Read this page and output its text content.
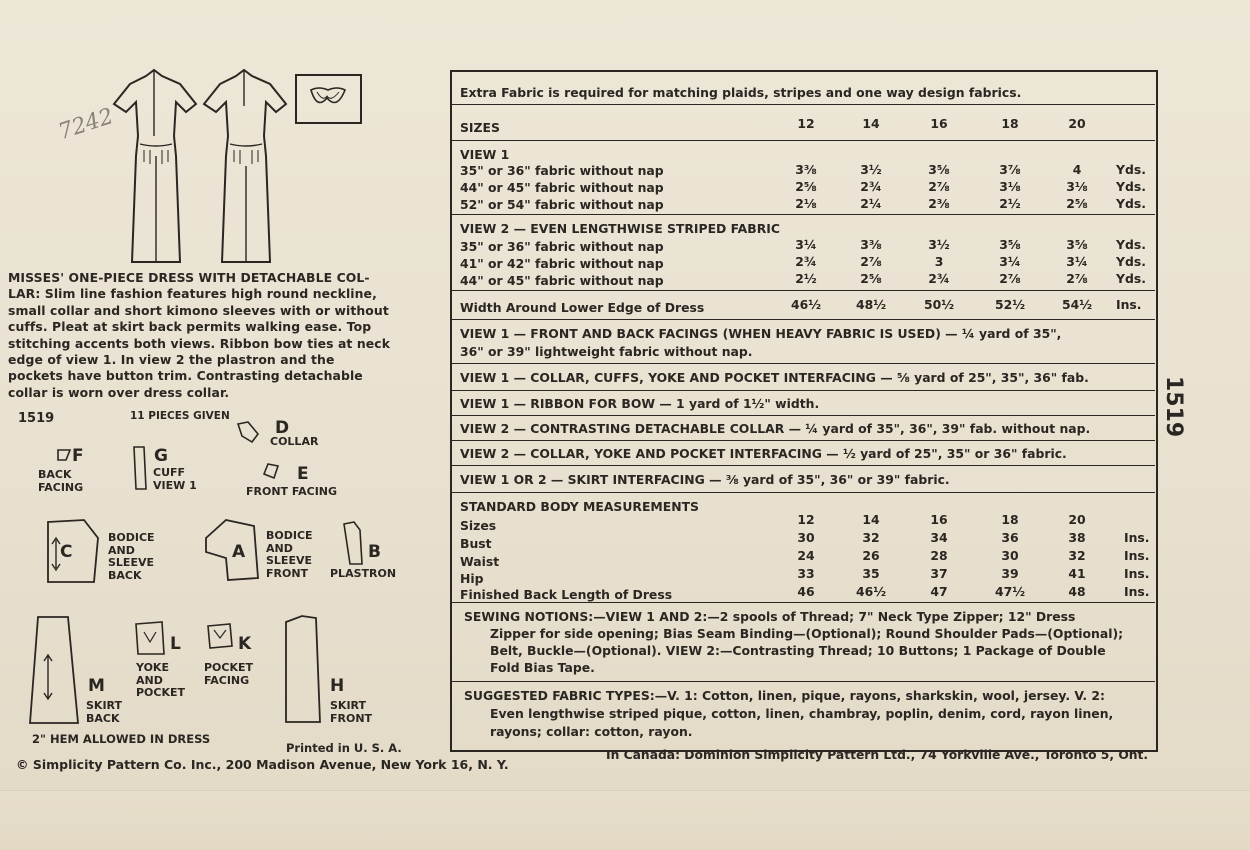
7242
MISSES' ONE-PIECE DRESS WITH DETACHABLE COL-
LAR: Slim line fashion features high round neckline,
small collar and short kimono sleeves with or without
cuffs. Pleat at skirt back permits walking ease. Top
stitching accents both views. Ribbon bow ties at neck
edge of view 1. In view 2 the plastron and the
pockets have button trim. Contrasting detachable
collar is worn over dress collar.
1519	11 PIECES GIVEN
D
COLLAR
F
BACK
FACING
G
CUFF
VIEW 1
E
FRONT FACING
C
BODICE
AND
SLEEVE
BACK
A
BODICE
AND
SLEEVE
FRONT
B
PLASTRON
M
SKIRT
BACK
L
YOKE
AND
POCKET
K
POCKET
FACING	H
SKIRT
FRONT
2" HEM ALLOWED IN DRESS
Printed in U. S. A.
© Simplicity Pattern Co. Inc., 200 Madison Avenue, New York 16, N. Y.
In Canada: Dominion Simplicity Pattern Ltd., 74 Yorkville Ave., Toronto 5, Ont.
1519
Extra Fabric is required for matching plaids, stripes and one way design fabrics.
SIZES	12	14	16	18	20
VIEW 1
35" or 36" fabric without nap	3⅜	3½	3⅝	3⅞	4	Yds.
44" or 45" fabric without nap	2⅝	2¾	2⅞	3⅛	3⅛	Yds.
52" or 54" fabric without nap	2⅛	2¼	2⅜	2½	2⅝	Yds.
VIEW 2 — EVEN LENGTHWISE STRIPED FABRIC
35" or 36" fabric without nap	3¼	3⅜	3½	3⅝	3⅝	Yds.
41" or 42" fabric without nap	2¾	2⅞	3	3¼	3¼	Yds.
44" or 45" fabric without nap	2½	2⅝	2¾	2⅞	2⅞	Yds.
Width Around Lower Edge of Dress	46½	48½	50½	52½	54½	Ins.
VIEW 1 — FRONT AND BACK FACINGS (WHEN HEAVY FABRIC IS USED) — ¼ yard of 35",
36" or 39" lightweight fabric without nap.
VIEW 1 — COLLAR, CUFFS, YOKE AND POCKET INTERFACING — ⅝ yard of 25", 35", 36" fab.
VIEW 1 — RIBBON FOR BOW — 1 yard of 1½" width.
VIEW 2 — CONTRASTING DETACHABLE COLLAR — ¼ yard of 35", 36", 39" fab. without nap.
VIEW 2 — COLLAR, YOKE AND POCKET INTERFACING — ½ yard of 25", 35" or 36" fabric.
VIEW 1 OR 2 — SKIRT INTERFACING — ⅜ yard of 35", 36" or 39" fabric.
STANDARD BODY MEASUREMENTS
Sizes	12	14	16	18	20
Bust	30	32	34	36	38	Ins.
Waist	24	26	28	30	32	Ins.
Hip	33	35	37	39	41	Ins.
Finished Back Length of Dress	46	46½	47	47½	48	Ins.
SEWING NOTIONS:—VIEW 1 AND 2:—2 spools of Thread; 7" Neck Type Zipper; 12" Dress
Zipper for side opening; Bias Seam Binding—(Optional); Round Shoulder Pads—(Optional);
Belt, Buckle—(Optional). VIEW 2:—Contrasting Thread; 10 Buttons; 1 Package of Double
Fold Bias Tape.
SUGGESTED FABRIC TYPES:—V. 1: Cotton, linen, pique, rayons, sharkskin, wool, jersey. V. 2:
Even lengthwise striped pique, cotton, linen, chambray, poplin, denim, cord, rayon linen,
rayons; collar: cotton, rayon.
